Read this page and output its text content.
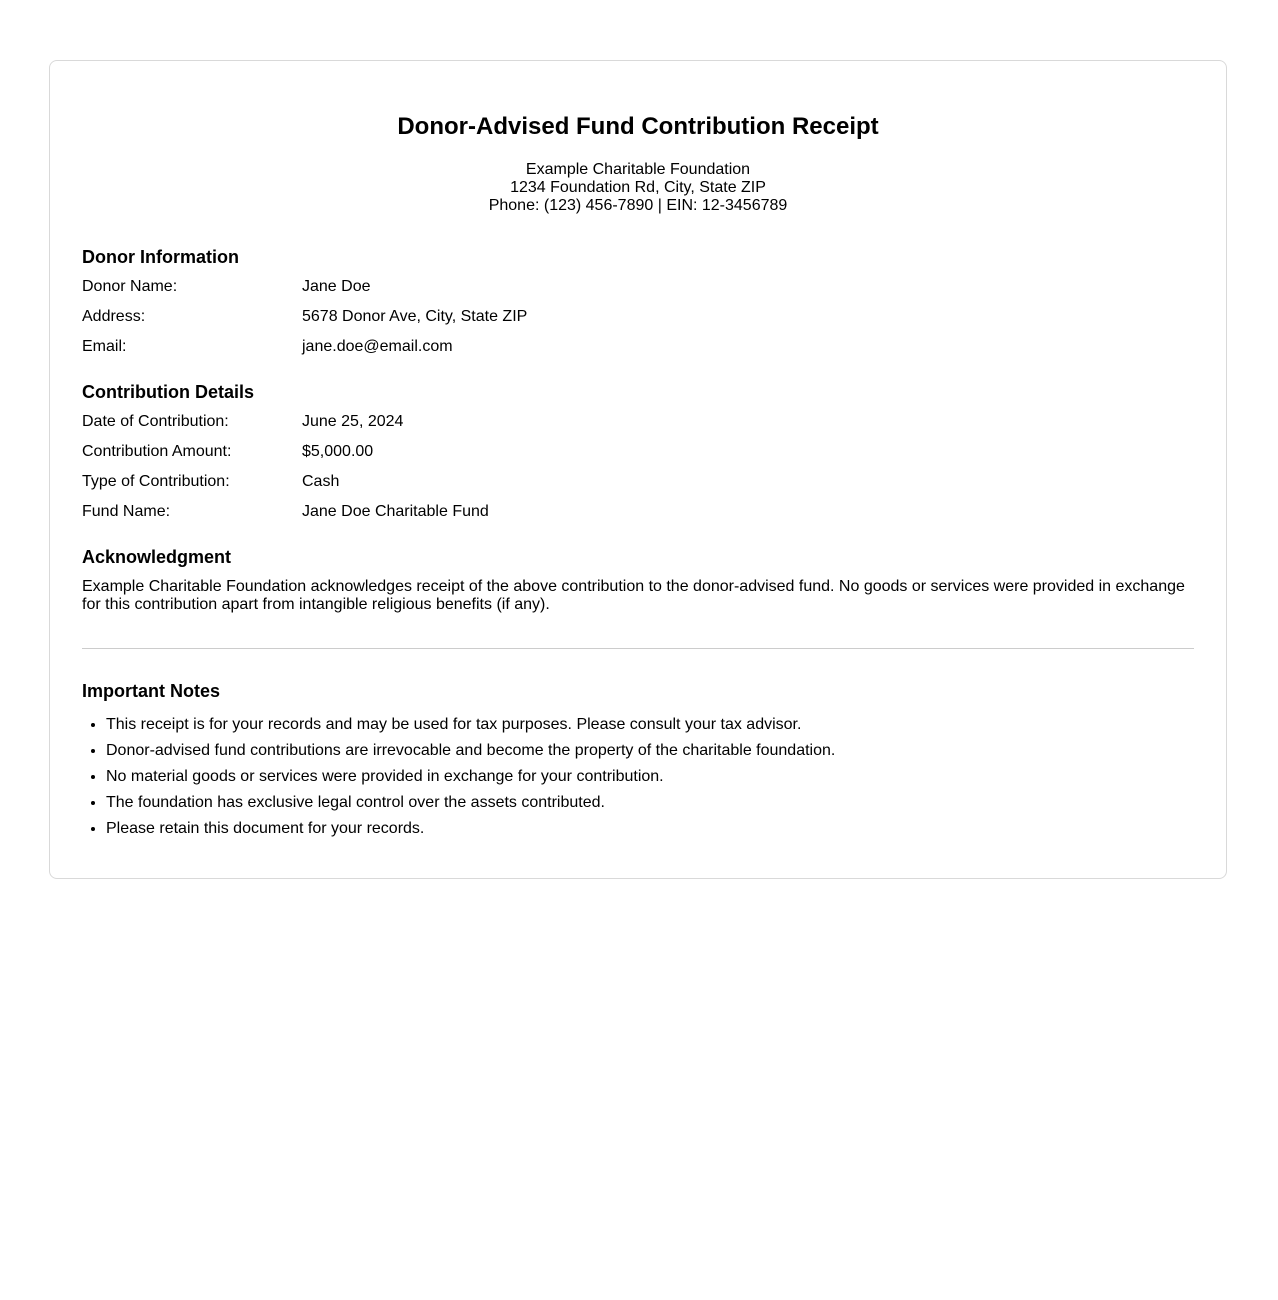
Donor-Advised Fund Contribution Receipt
Example Charitable Foundation
1234 Foundation Rd, City, State ZIP
Phone: (123) 456-7890 | EIN: 12-3456789
Donor Information
Donor Name:	Jane Doe
Address:	5678 Donor Ave, City, State ZIP
Email:	jane.doe@email.com
Contribution Details
Date of Contribution:	June 25, 2024
Contribution Amount:	$5,000.00
Type of Contribution:	Cash
Fund Name:	Jane Doe Charitable Fund
Acknowledgment
Example Charitable Foundation acknowledges receipt of the above contribution to the donor-advised fund. No goods or services were provided in exchange for this contribution apart from intangible religious benefits (if any).
Important Notes
• This receipt is for your records and may be used for tax purposes. Please consult your tax advisor.
• Donor-advised fund contributions are irrevocable and become the property of the charitable foundation.
• No material goods or services were provided in exchange for your contribution.
• The foundation has exclusive legal control over the assets contributed.
• Please retain this document for your records.
